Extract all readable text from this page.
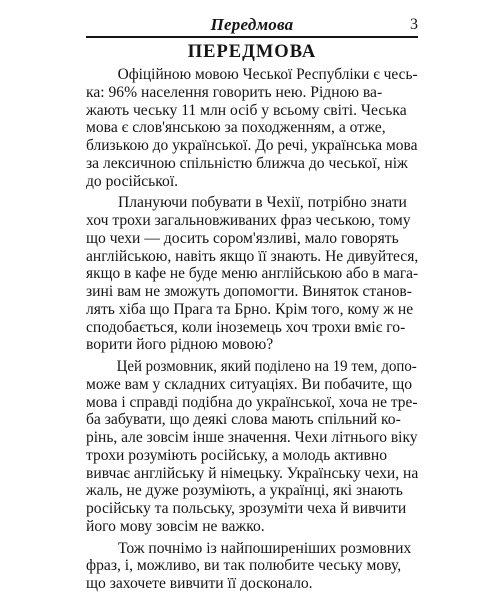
Передмова	3
ПЕРЕДМОВА

Офіційною мовою Чеської Республіки є чесь-
ка: 96% населення говорить нею. Рідною ва-
жають чеську 11 млн осіб у всьому світі. Чеська
мова є слов'янською за походженням, а отже,
близькою до української. До речі, українська мова
за лексичною спільністю ближча до чеської, ніж
до російської.

Плануючи побувати в Чехії, потрібно знати
хоч трохи загальновживаних фраз чеською, тому
що чехи — досить сором'язливі, мало говорять
англійською, навіть якщо її знають. Не дивуйтеся,
якщо в кафе не буде меню англійською або в мага-
зині вам не зможуть допомогти. Виняток станов-
лять хіба що Прага та Брно. Крім того, кому ж не
сподобається, коли іноземець хоч трохи вміє го-
ворити його рідною мовою?

Цей розмовник, який поділено на 19 тем, допо-
може вам у складних ситуаціях. Ви побачите, що
мова і справді подібна до української, хоча не тре-
ба забувати, що деякі слова мають спільний ко-
рінь, але зовсім інше значення. Чехи літнього віку
трохи розуміють російську, а молодь активно
вивчає англійську й німецьку. Українську чехи, на
жаль, не дуже розуміють, а українці, які знають
російську та польську, зрозуміти чеха й вивчити
його мову зовсім не важко.

Тож почнімо із найпоширеніших розмовних
фраз, і, можливо, ви так полюбите чеську мову,
що захочете вивчити її досконало.
